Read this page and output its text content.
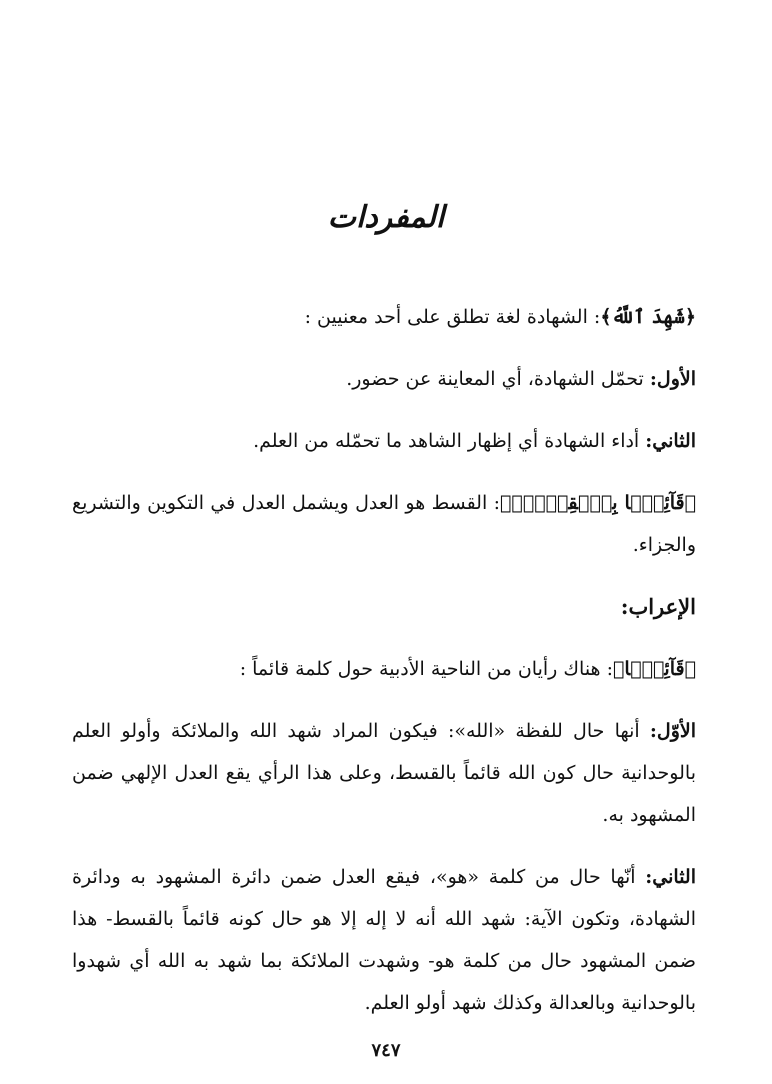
المفردات

﴿شَهِدَ ٱللَّهُ﴾: الشهادة لغة تطلق على أحد معنيين :

الأول: تحمّل الشهادة، أي المعاينة عن حضور.

الثاني: أداء الشهادة أي إظهار الشاهد ما تحمّله من العلم.

﴿قَآئِمَۢا بِٱلۡقِسۡطِۚ﴾: القسط هو العدل ويشمل العدل في التكوين والتشريع والجزاء.

الإعراب:

﴿قَآئِمَۢا﴾: هناك رأيان من الناحية الأدبية حول كلمة قائماً :

الأوّل: أنها حال للفظة «الله»: فيكون المراد شهد الله والملائكة وأولو العلم بالوحدانية حال كون الله قائماً بالقسط، وعلى هذا الرأي يقع العدل الإلهي ضمن المشهود به.

الثاني: أنّها حال من كلمة «هو»، فيقع العدل ضمن دائرة المشهود به ودائرة الشهادة، وتكون الآية: شهد الله أنه لا إله إلا هو حال كونه قائماً بالقسط- هذا ضمن المشهود حال من كلمة هو- وشهدت الملائكة بما شهد به الله أي شهدوا بالوحدانية وبالعدالة وكذلك شهد أولو العلم.

٧٤٧
